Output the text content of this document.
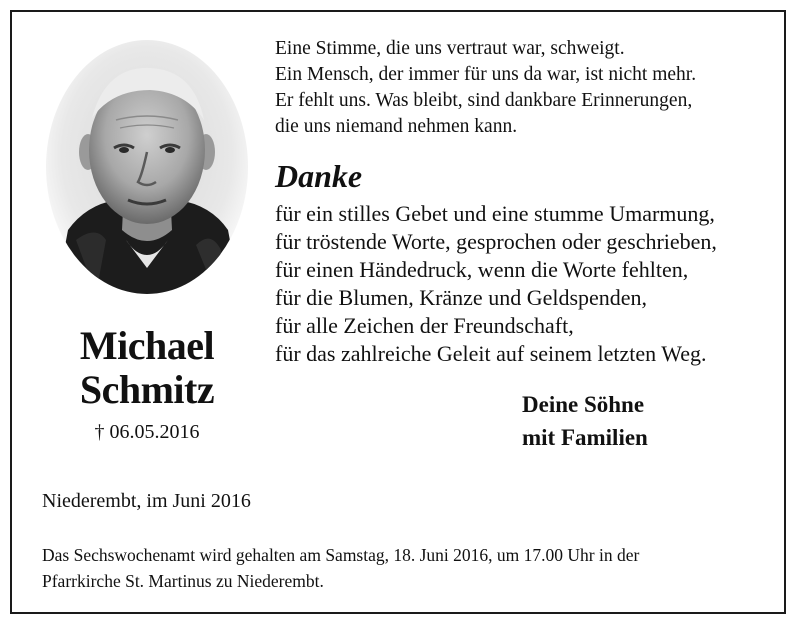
Michael
Schmitz
† 06.05.2016
Eine Stimme, die uns vertraut war, schweigt.
Ein Mensch, der immer für uns da war, ist nicht mehr.
Er fehlt uns. Was bleibt, sind dankbare Erinnerungen,
die uns niemand nehmen kann.
Danke
für ein stilles Gebet und eine stumme Umarmung,
für tröstende Worte, gesprochen oder geschrieben,
für einen Händedruck, wenn die Worte fehlten,
für die Blumen, Kränze und Geldspenden,
für alle Zeichen der Freundschaft,
für das zahlreiche Geleit auf seinem letzten Weg.
Deine Söhne
mit Familien
Niederembt, im Juni 2016
Das Sechswochenamt wird gehalten am Samstag, 18. Juni 2016, um 17.00 Uhr in der
Pfarrkirche St. Martinus zu Niederembt.
